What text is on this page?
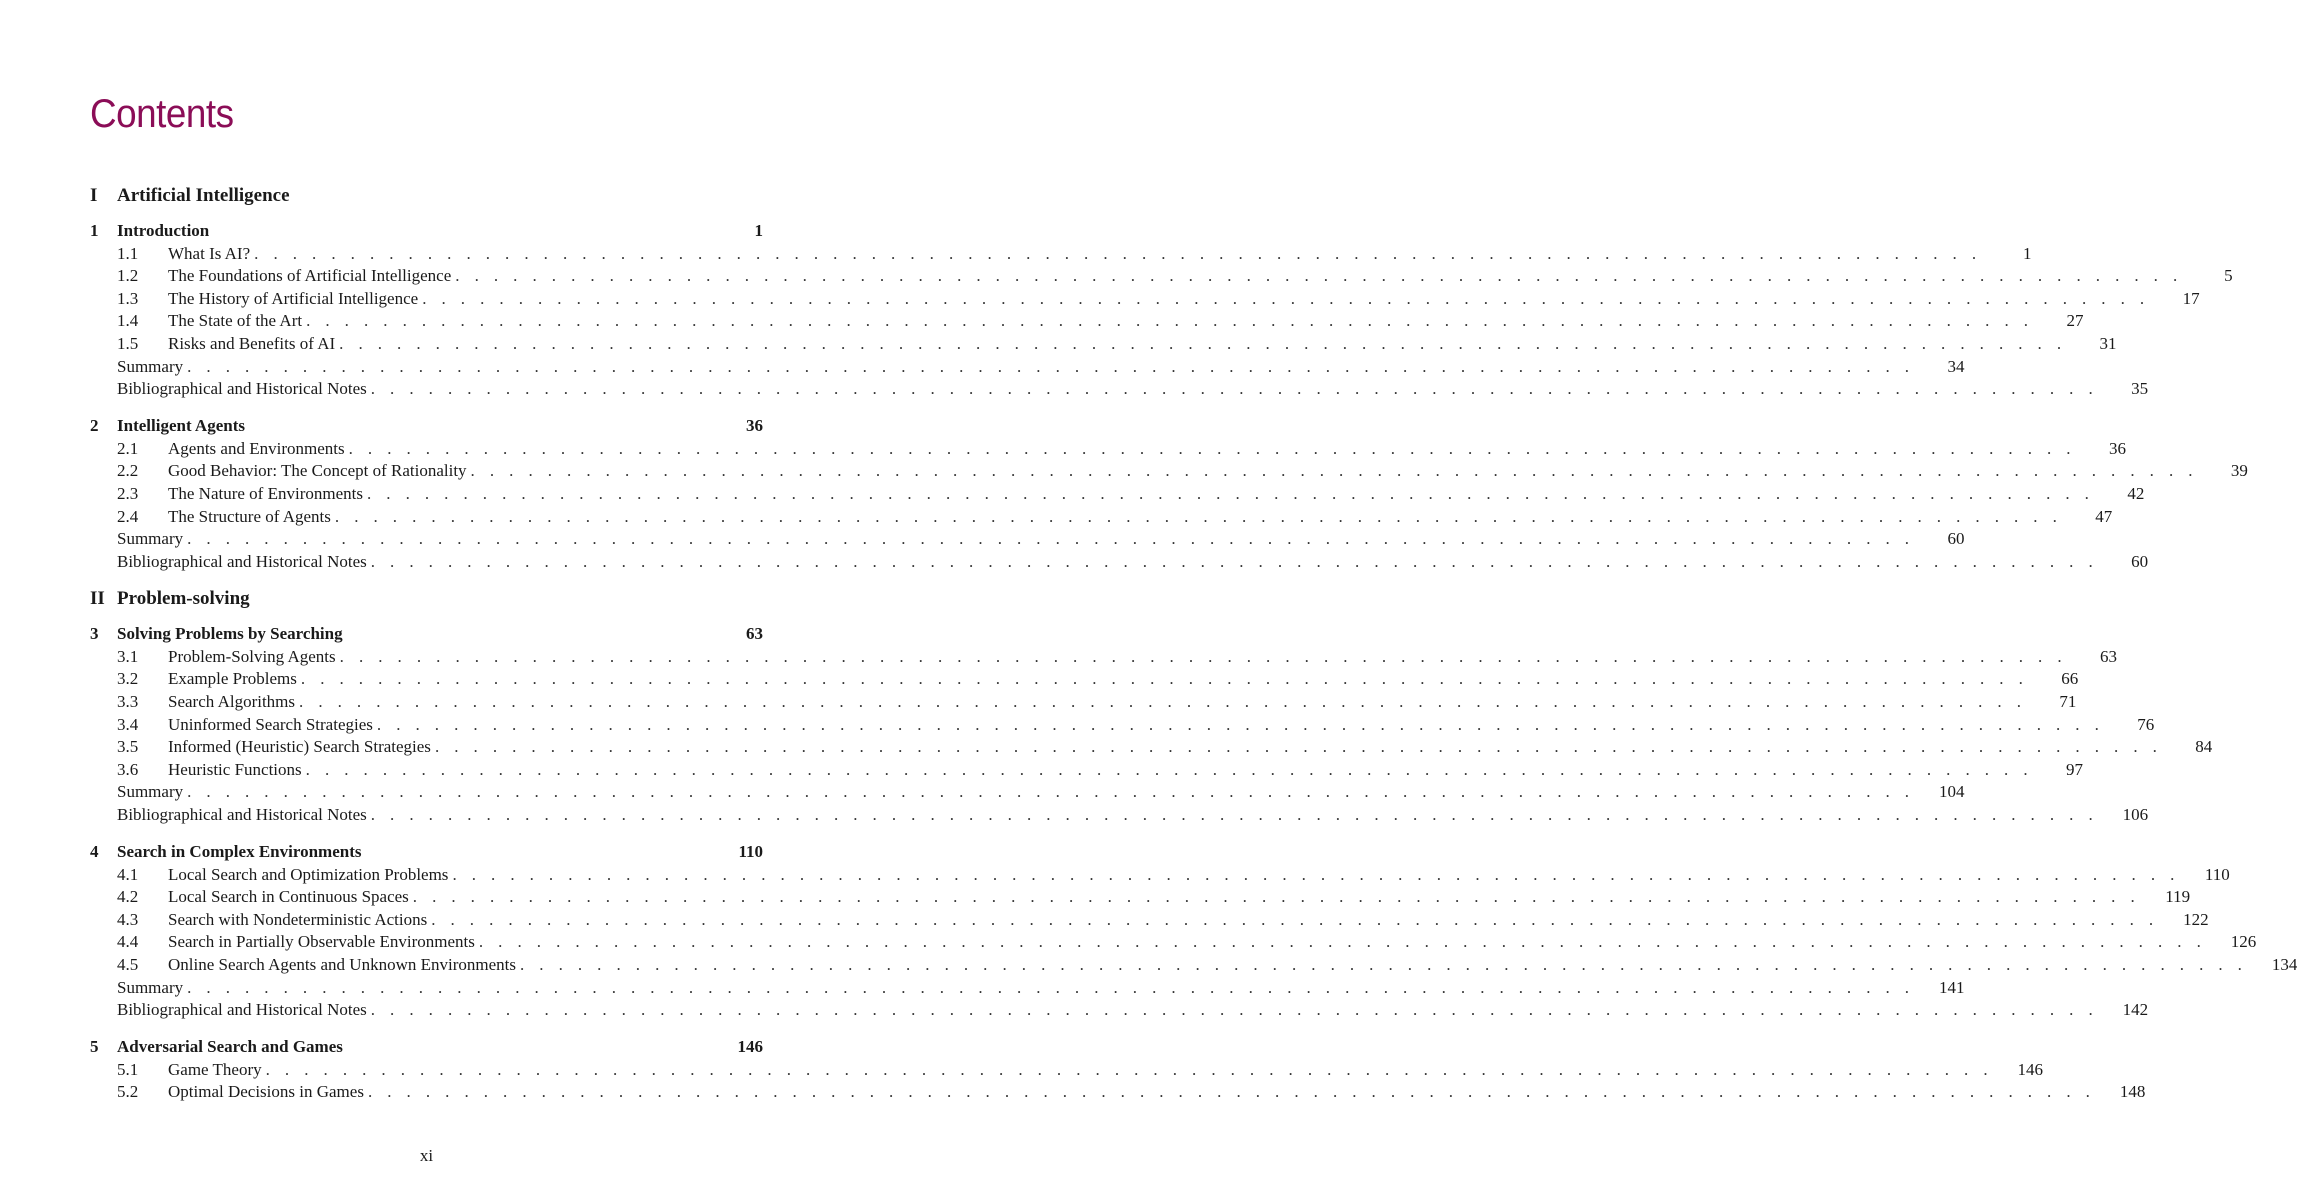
Contents
I	Artificial Intelligence
1	Introduction	1
1.1	What Is AI? . . . . . . . . . . . . . . . . . . . . . . . . . . . . . . . . . . . . . . . . . . . . . . . . . . . . . . . . . . . . . . . . . . . . . . . . . . . . . . . . . . . . . . . . . .	1
1.2	The Foundations of Artificial Intelligence . . . . . . . . . . . . . . . . . . . . . . . . . . . . . . . . . . . . . . . . . . . . . . . . . . . . . . . . . . . . . . . . . . . . . . . . . . . . . . . . . . . . . . . . . .	5
1.3	The History of Artificial Intelligence . . . . . . . . . . . . . . . . . . . . . . . . . . . . . . . . . . . . . . . . . . . . . . . . . . . . . . . . . . . . . . . . . . . . . . . . . . . . . . . . . . . . . . . . . .	17
1.4	The State of the Art . . . . . . . . . . . . . . . . . . . . . . . . . . . . . . . . . . . . . . . . . . . . . . . . . . . . . . . . . . . . . . . . . . . . . . . . . . . . . . . . . . . . . . . . . .	27
1.5	Risks and Benefits of AI . . . . . . . . . . . . . . . . . . . . . . . . . . . . . . . . . . . . . . . . . . . . . . . . . . . . . . . . . . . . . . . . . . . . . . . . . . . . . . . . . . . . . . . . . .	31
Summary . . . . . . . . . . . . . . . . . . . . . . . . . . . . . . . . . . . . . . . . . . . . . . . . . . . . . . . . . . . . . . . . . . . . . . . . . . . . . . . . . . . . . . . . . .	34
Bibliographical and Historical Notes . . . . . . . . . . . . . . . . . . . . . . . . . . . . . . . . . . . . . . . . . . . . . . . . . . . . . . . . . . . . . . . . . . . . . . . . . . . . . . . . . . . . . . . . . .	35
2	Intelligent Agents	36
2.1	Agents and Environments . . . . . . . . . . . . . . . . . . . . . . . . . . . . . . . . . . . . . . . . . . . . . . . . . . . . . . . . . . . . . . . . . . . . . . . . . . . . . . . . . . . . . . . . . .	36
2.2	Good Behavior: The Concept of Rationality . . . . . . . . . . . . . . . . . . . . . . . . . . . . . . . . . . . . . . . . . . . . . . . . . . . . . . . . . . . . . . . . . . . . . . . . . . . . . . . . . . . . . . . . . .	39
2.3	The Nature of Environments . . . . . . . . . . . . . . . . . . . . . . . . . . . . . . . . . . . . . . . . . . . . . . . . . . . . . . . . . . . . . . . . . . . . . . . . . . . . . . . . . . . . . . . . . .	42
2.4	The Structure of Agents . . . . . . . . . . . . . . . . . . . . . . . . . . . . . . . . . . . . . . . . . . . . . . . . . . . . . . . . . . . . . . . . . . . . . . . . . . . . . . . . . . . . . . . . . .	47
Summary . . . . . . . . . . . . . . . . . . . . . . . . . . . . . . . . . . . . . . . . . . . . . . . . . . . . . . . . . . . . . . . . . . . . . . . . . . . . . . . . . . . . . . . . . .	60
Bibliographical and Historical Notes . . . . . . . . . . . . . . . . . . . . . . . . . . . . . . . . . . . . . . . . . . . . . . . . . . . . . . . . . . . . . . . . . . . . . . . . . . . . . . . . . . . . . . . . . .	60
II Problem-solving
3	Solving Problems by Searching	63
3.1	Problem-Solving Agents . . . . . . . . . . . . . . . . . . . . . . . . . . . . . . . . . . . . . . . . . . . . . . . . . . . . . . . . . . . . . . . . . . . . . . . . . . . . . . . . . . . . . . . . . .	63
3.2	Example Problems . . . . . . . . . . . . . . . . . . . . . . . . . . . . . . . . . . . . . . . . . . . . . . . . . . . . . . . . . . . . . . . . . . . . . . . . . . . . . . . . . . . . . . . . . .	66
3.3	Search Algorithms . . . . . . . . . . . . . . . . . . . . . . . . . . . . . . . . . . . . . . . . . . . . . . . . . . . . . . . . . . . . . . . . . . . . . . . . . . . . . . . . . . . . . . . . . .	71
3.4	Uninformed Search Strategies . . . . . . . . . . . . . . . . . . . . . . . . . . . . . . . . . . . . . . . . . . . . . . . . . . . . . . . . . . . . . . . . . . . . . . . . . . . . . . . . . . . . . . . . . .	76
3.5	Informed (Heuristic) Search Strategies . . . . . . . . . . . . . . . . . . . . . . . . . . . . . . . . . . . . . . . . . . . . . . . . . . . . . . . . . . . . . . . . . . . . . . . . . . . . . . . . . . . . . . . . . .	84
3.6	Heuristic Functions . . . . . . . . . . . . . . . . . . . . . . . . . . . . . . . . . . . . . . . . . . . . . . . . . . . . . . . . . . . . . . . . . . . . . . . . . . . . . . . . . . . . . . . . . .	97
Summary . . . . . . . . . . . . . . . . . . . . . . . . . . . . . . . . . . . . . . . . . . . . . . . . . . . . . . . . . . . . . . . . . . . . . . . . . . . . . . . . . . . . . . . . . . 104
Bibliographical and Historical Notes . . . . . . . . . . . . . . . . . . . . . . . . . . . . . . . . . . . . . . . . . . . . . . . . . . . . . . . . . . . . . . . . . . . . . . . . . . . . . . . . . . . . . . . . . . 106
4	Search in Complex Environments	110
4.1	Local Search and Optimization Problems . . . . . . . . . . . . . . . . . . . . . . . . . . . . . . . . . . . . . . . . . . . . . . . . . . . . . . . . . . . . . . . . . . . . . . . . . . . . . . . . . . . . . . . . . .	110
4.2	Local Search in Continuous Spaces . . . . . . . . . . . . . . . . . . . . . . . . . . . . . . . . . . . . . . . . . . . . . . . . . . . . . . . . . . . . . . . . . . . . . . . . . . . . . . . . . . . . . . . . . .	119
4.3	Search with Nondeterministic Actions . . . . . . . . . . . . . . . . . . . . . . . . . . . . . . . . . . . . . . . . . . . . . . . . . . . . . . . . . . . . . . . . . . . . . . . . . . . . . . . . . . . . . . . . . . 122
4.4	Search in Partially Observable Environments . . . . . . . . . . . . . . . . . . . . . . . . . . . . . . . . . . . . . . . . . . . . . . . . . . . . . . . . . . . . . . . . . . . . . . . . . . . . . . . . . . . . . . . . . . 126
4.5	Online Search Agents and Unknown Environments . . . . . . . . . . . . . . . . . . . . . . . . . . . . . . . . . . . . . . . . . . . . . . . . . . . . . . . . . . . . . . . . . . . . . . . . . . . . . . . . . . . . . . . . . . 134
Summary . . . . . . . . . . . . . . . . . . . . . . . . . . . . . . . . . . . . . . . . . . . . . . . . . . . . . . . . . . . . . . . . . . . . . . . . . . . . . . . . . . . . . . . . . . 141
Bibliographical and Historical Notes . . . . . . . . . . . . . . . . . . . . . . . . . . . . . . . . . . . . . . . . . . . . . . . . . . . . . . . . . . . . . . . . . . . . . . . . . . . . . . . . . . . . . . . . . . 142
5	Adversarial Search and Games	146
5.1	Game Theory . . . . . . . . . . . . . . . . . . . . . . . . . . . . . . . . . . . . . . . . . . . . . . . . . . . . . . . . . . . . . . . . . . . . . . . . . . . . . . . . . . . . . . . . . . 146
5.2	Optimal Decisions in Games . . . . . . . . . . . . . . . . . . . . . . . . . . . . . . . . . . . . . . . . . . . . . . . . . . . . . . . . . . . . . . . . . . . . . . . . . . . . . . . . . . . . . . . . . . 148
xi
